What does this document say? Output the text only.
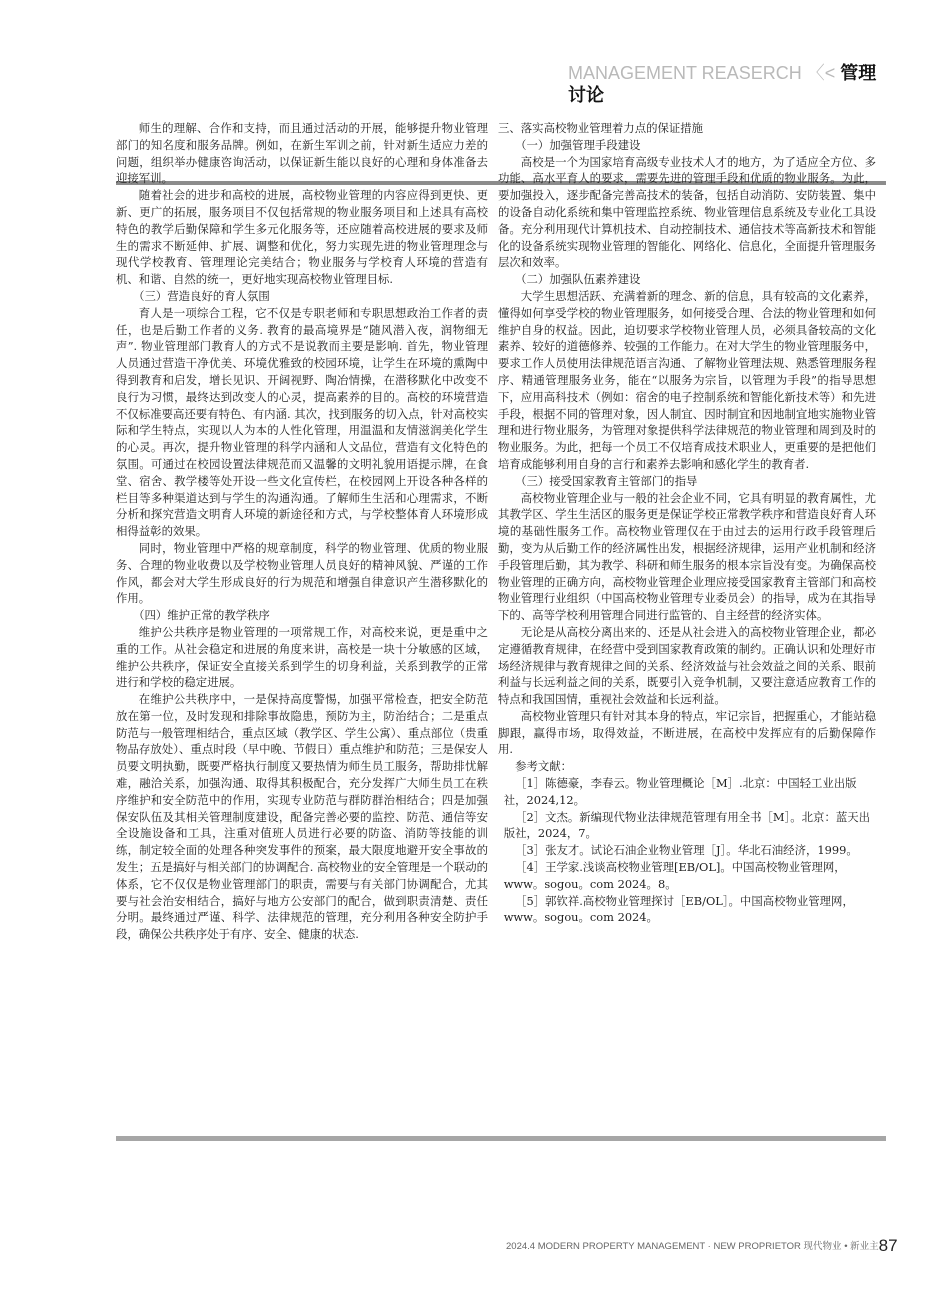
MANAGEMENT REASERCH 〈< 管理讨论

师生的理解、合作和支持，而且通过活动的开展，能够提升物业管理部门的知名度和服务品牌。例如，在新生军训之前，针对新生适应力差的问题，组织举办健康咨询活动，以保证新生能以良好的心理和身体准备去迎接军训。

随着社会的进步和高校的进展，高校物业管理的内容应得到更快、更新、更广的拓展，服务项目不仅包括常规的物业服务项目和上述具有高校特色的教学后勤保障和学生多元化服务等，还应随着高校进展的要求及师生的需求不断延伸、扩展、调整和优化，努力实现先进的物业管理理念与现代学校教育、管理理论完美结合；物业服务与学校育人环境的营造有机、和谐、自然的统一，更好地实现高校物业管理目标.

（三）营造良好的育人氛围

育人是一项综合工程，它不仅是专职老师和专职思想政治工作者的责任，也是后勤工作者的义务. 教育的最高境界是“随风潜入夜，润物细无声”. 物业管理部门教育人的方式不是说教而主要是影响. 首先，物业管理人员通过营造干净优美、环境优雅致的校园环境，让学生在环境的熏陶中得到教育和启发，增长见识、开阔视野、陶冶情操，在潜移默化中改变不良行为习惯，最终达到改变人的心灵，提高素养的目的。高校的环境营造不仅标准要高还要有特色、有内涵. 其次，找到服务的切入点，针对高校实际和学生特点，实现以人为本的人性化管理，用温温和友情滋润美化学生的心灵。再次，提升物业管理的科学内涵和人文品位，营造有文化特色的氛围。可通过在校园设置法律规范而又温馨的文明礼貌用语提示牌，在食堂、宿舍、教学楼等处开设一些文化宣传栏，在校园网上开设各种各样的栏目等多种渠道达到与学生的沟通沟通。了解师生生活和心理需求，不断分析和探究营造文明育人环境的新途径和方式，与学校整体育人环境形成相得益彰的效果。

同时，物业管理中严格的规章制度，科学的物业管理、优质的物业服务、合理的物业收费以及学校物业管理人员良好的精神风貌、严谨的工作作风，都会对大学生形成良好的行为规范和增强自律意识产生潜移默化的作用。

（四）维护正常的教学秩序

维护公共秩序是物业管理的一项常规工作，对高校来说，更是重中之重的工作。从社会稳定和进展的角度来讲，高校是一块十分敏感的区域，维护公共秩序，保证安全直接关系到学生的切身利益，关系到教学的正常进行和学校的稳定进展。

在维护公共秩序中，一是保持高度警惕，加强平常检查，把安全防范放在第一位，及时发现和排除事故隐患，预防为主，防治结合；二是重点防范与一般管理相结合，重点区域（教学区、学生公寓）、重点部位（贵重物品存放处）、重点时段（早中晚、节假日）重点维护和防范；三是保安人员要文明执勤，既要严格执行制度又要热情为师生员工服务，帮助排忧解难，融洽关系，加强沟通、取得其积极配合，充分发挥广大师生员工在秩序维护和安全防范中的作用，实现专业防范与群防群治相结合；四是加强保安队伍及其相关管理制度建设，配备完善必要的监控、防范、通信等安全设施设备和工具，注重对值班人员进行必要的防盗、消防等技能的训练，制定较全面的处理各种突发事件的预案，最大限度地避开安全事故的发生；五是搞好与相关部门的协调配合. 高校物业的安全管理是一个联动的体系，它不仅仅是物业管理部门的职责，需要与有关部门协调配合，尤其要与社会治安相结合，搞好与地方公安部门的配合，做到职责清楚、责任分明。最终通过严谨、科学、法律规范的管理，充分利用各种安全防护手段，确保公共秩序处于有序、安全、健康的状态.

三、落实高校物业管理着力点的保证措施

（一）加强管理手段建设

高校是一个为国家培育高级专业技术人才的地方，为了适应全方位、多功能、高水平育人的要求，需要先进的管理手段和优质的物业服务。为此，要加强投入，逐步配备完善高技术的装备，包括自动消防、安防装置、集中的设备自动化系统和集中管理监控系统、物业管理信息系统及专业化工具设备。充分利用现代计算机技术、自动控制技术、通信技术等高新技术和智能化的设备系统实现物业管理的智能化、网络化、信息化，全面提升管理服务层次和效率。

（二）加强队伍素养建设

大学生思想活跃、充满着新的理念、新的信息，具有较高的文化素养，懂得如何享受学校的物业管理服务，如何接受合理、合法的物业管理和如何维护自身的权益。因此，迫切要求学校物业管理人员，必须具备较高的文化素养、较好的道德修养、较强的工作能力。在对大学生的物业管理服务中，要求工作人员使用法律规范语言沟通、了解物业管理法规、熟悉管理服务程序、精通管理服务业务，能在“以服务为宗旨，以管理为手段”的指导思想下，应用高科技术（例如：宿舍的电子控制系统和智能化新技术等）和先进手段，根据不同的管理对象，因人制宜、因时制宜和因地制宜地实施物业管理和进行物业服务，为管理对象提供科学法律规范的物业管理和周到及时的物业服务。为此，把每一个员工不仅培育成技术职业人，更重要的是把他们培育成能够利用自身的言行和素养去影响和感化学生的教育者.

（三）接受国家教育主管部门的指导

高校物业管理企业与一般的社会企业不同，它具有明显的教育属性，尤其教学区、学生生活区的服务更是保证学校正常教学秩序和营造良好育人环境的基础性服务工作。高校物业管理仅在于由过去的运用行政手段管理后勤，变为从后勤工作的经济属性出发，根据经济规律，运用产业机制和经济手段管理后勤，其为教学、科研和师生服务的根本宗旨没有变。为确保高校物业管理的正确方向，高校物业管理企业理应接受国家教育主管部门和高校物业管理行业组织（中国高校物业管理专业委员会）的指导，成为在其指导下的、高等学校利用管理合同进行监管的、自主经营的经济实体。

无论是从高校分离出来的、还是从社会进入的高校物业管理企业，都必定遵循教育规律，在经营中受到国家教育政策的制约。正确认识和处理好市场经济规律与教育规律之间的关系、经济效益与社会效益之间的关系、眼前利益与长远利益之间的关系，既要引入竞争机制，又要注意适应教育工作的特点和我国国情，重视社会效益和长远利益。

高校物业管理只有针对其本身的特点，牢记宗旨，把握重心，才能站稳脚跟，赢得市场，取得效益，不断进展，在高校中发挥应有的后勤保障作用.

参考文献：

［1］陈德豪，李春云。物业管理概论［M］.北京：中国轻工业出版社，2024,12。

［2］文杰。新编现代物业法律规范管理有用全书［M］。北京：蓝天出版社，2024，7。

［3］张友才。试论石油企业物业管理［J］。华北石油经济，1999。

［4］王学家.浅谈高校物业管理[EB/OL]。中国高校物业管理网，www。sogou。com 2024。8。

［5］郭钦祥.高校物业管理探讨［EB/OL］。中国高校物业管理网，www。sogou。com 2024。

2024.4 MODERN PROPERTY MANAGEMENT · NEW PROPRIETOR 现代物业 • 新业主87
